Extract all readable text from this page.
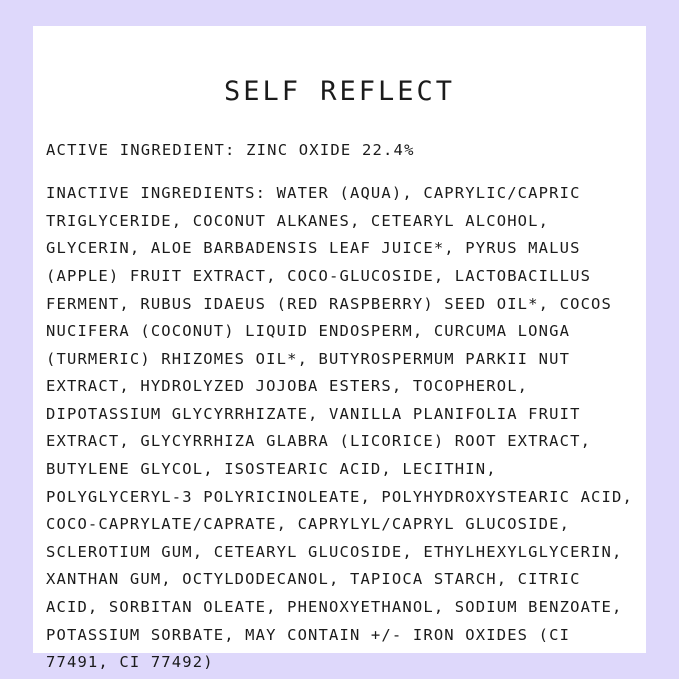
SELF REFLECT
ACTIVE INGREDIENT: ZINC OXIDE 22.4%
INACTIVE INGREDIENTS: WATER (AQUA), CAPRYLIC/CAPRIC TRIGLYCERIDE, COCONUT ALKANES, CETEARYL ALCOHOL, GLYCERIN, ALOE BARBADENSIS LEAF JUICE*, PYRUS MALUS (APPLE) FRUIT EXTRACT, COCO-GLUCOSIDE, LACTOBACILLUS FERMENT, RUBUS IDAEUS (RED RASPBERRY) SEED OIL*, COCOS NUCIFERA (COCONUT) LIQUID ENDOSPERM, CURCUMA LONGA (TURMERIC) RHIZOMES OIL*, BUTYROSPERMUM PARKII NUT EXTRACT, HYDROLYZED JOJOBA ESTERS, TOCOPHEROL, DIPOTASSIUM GLYCYRRHIZATE, VANILLA PLANIFOLIA FRUIT EXTRACT, GLYCYRRHIZA GLABRA (LICORICE) ROOT EXTRACT, BUTYLENE GLYCOL, ISOSTEARIC ACID, LECITHIN, POLYGLYCERYL-3 POLYRICINOLEATE, POLYHYDROXYSTEARIC ACID, COCO-CAPRYLATE/CAPRATE, CAPRYLYL/CAPRYL GLUCOSIDE, SCLEROTIUM GUM, CETEARYL GLUCOSIDE, ETHYLHEXYLGLYCERIN, XANTHAN GUM, OCTYLDODECANOL, TAPIOCA STARCH, CITRIC ACID, SORBITAN OLEATE, PHENOXYETHANOL, SODIUM BENZOATE, POTASSIUM SORBATE, MAY CONTAIN +/- IRON OXIDES (CI 77491, CI 77492)
